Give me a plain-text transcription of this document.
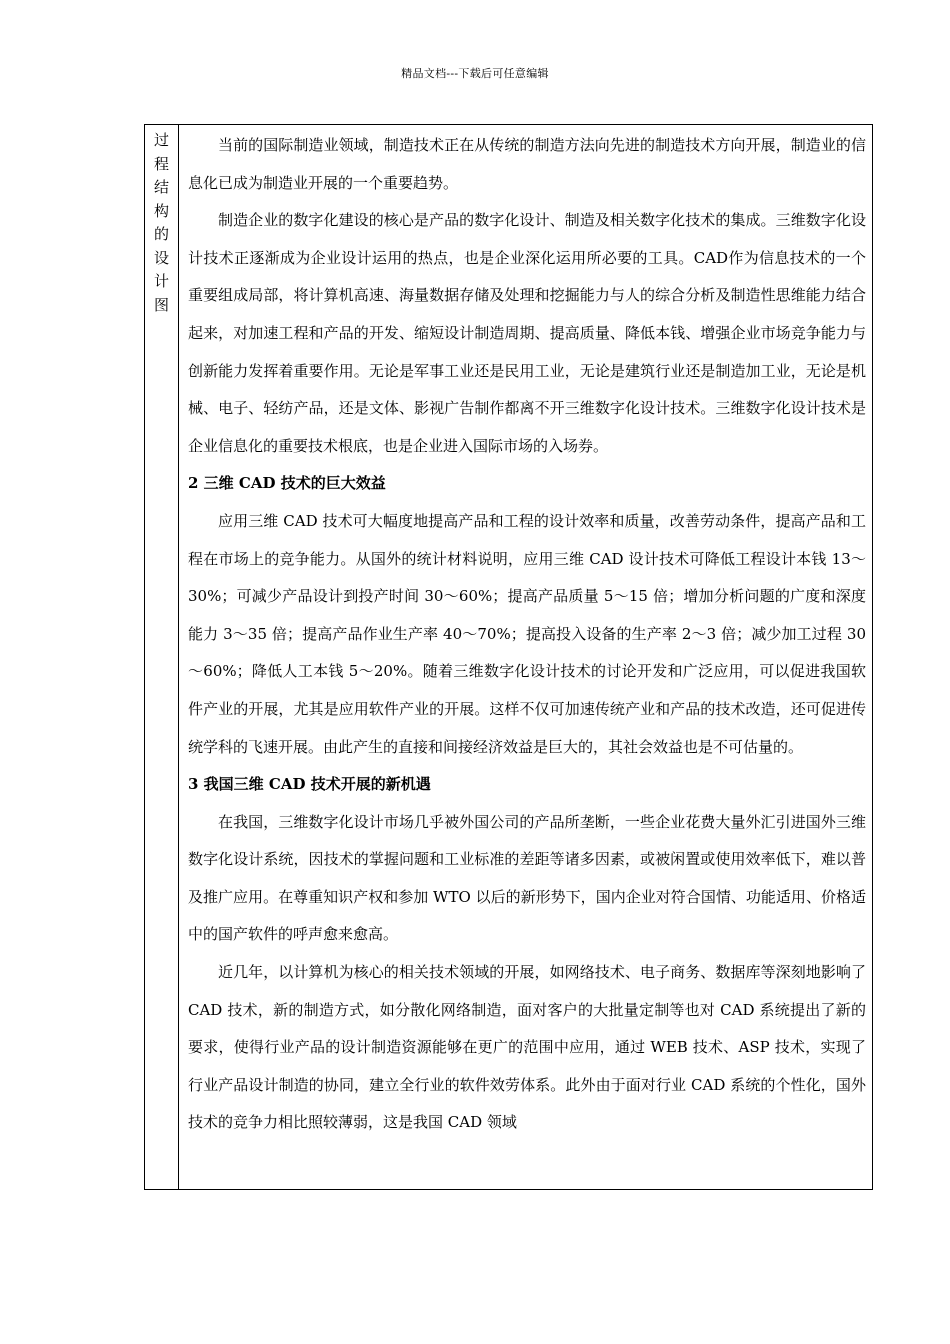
精品文档---下载后可任意编辑
过
程
结
构
的
设
计
图

当前的国际制造业领域，制造技术正在从传统的制造方法向先进的制造技术方向开展，制造业的信息化已成为制造业开展的一个重要趋势。

制造企业的数字化建设的核心是产品的数字化设计、制造及相关数字化技术的集成。三维数字化设计技术正逐渐成为企业设计运用的热点，也是企业深化运用所必要的工具。CAD作为信息技术的一个重要组成局部，将计算机高速、海量数据存储及处理和挖掘能力与人的综合分析及制造性思维能力结合起来，对加速工程和产品的开发、缩短设计制造周期、提高质量、降低本钱、增强企业市场竞争能力与创新能力发挥着重要作用。无论是军事工业还是民用工业，无论是建筑行业还是制造加工业，无论是机械、电子、轻纺产品，还是文体、影视广告制作都离不开三维数字化设计技术。三维数字化设计技术是企业信息化的重要技术根底，也是企业进入国际市场的入场券。

2 三维 CAD 技术的巨大效益

应用三维 CAD 技术可大幅度地提高产品和工程的设计效率和质量，改善劳动条件，提高产品和工程在市场上的竞争能力。从国外的统计材料说明，应用三维 CAD 设计技术可降低工程设计本钱 13～30%；可减少产品设计到投产时间 30～60%；提高产品质量 5～15 倍；增加分析问题的广度和深度能力 3～35 倍；提高产品作业生产率 40～70%；提高投入设备的生产率 2～3 倍；减少加工过程 30～60%；降低人工本钱 5～20%。随着三维数字化设计技术的讨论开发和广泛应用，可以促进我国软件产业的开展，尤其是应用软件产业的开展。这样不仅可加速传统产业和产品的技术改造，还可促进传统学科的飞速开展。由此产生的直接和间接经济效益是巨大的，其社会效益也是不可估量的。

3 我国三维 CAD 技术开展的新机遇

在我国，三维数字化设计市场几乎被外国公司的产品所垄断，一些企业花费大量外汇引进国外三维数字化设计系统，因技术的掌握问题和工业标准的差距等诸多因素，或被闲置或使用效率低下，难以普及推广应用。在尊重知识产权和参加 WTO 以后的新形势下，国内企业对符合国情、功能适用、价格适中的国产软件的呼声愈来愈高。

近几年，以计算机为核心的相关技术领域的开展，如网络技术、电子商务、数据库等深刻地影响了 CAD 技术，新的制造方式，如分散化网络制造，面对客户的大批量定制等也对 CAD 系统提出了新的要求，使得行业产品的设计制造资源能够在更广的范围中应用，通过 WEB 技术、ASP 技术，实现了行业产品设计制造的协同，建立全行业的软件效劳体系。此外由于面对行业 CAD 系统的个性化，国外技术的竞争力相比照较薄弱，这是我国 CAD 领域
